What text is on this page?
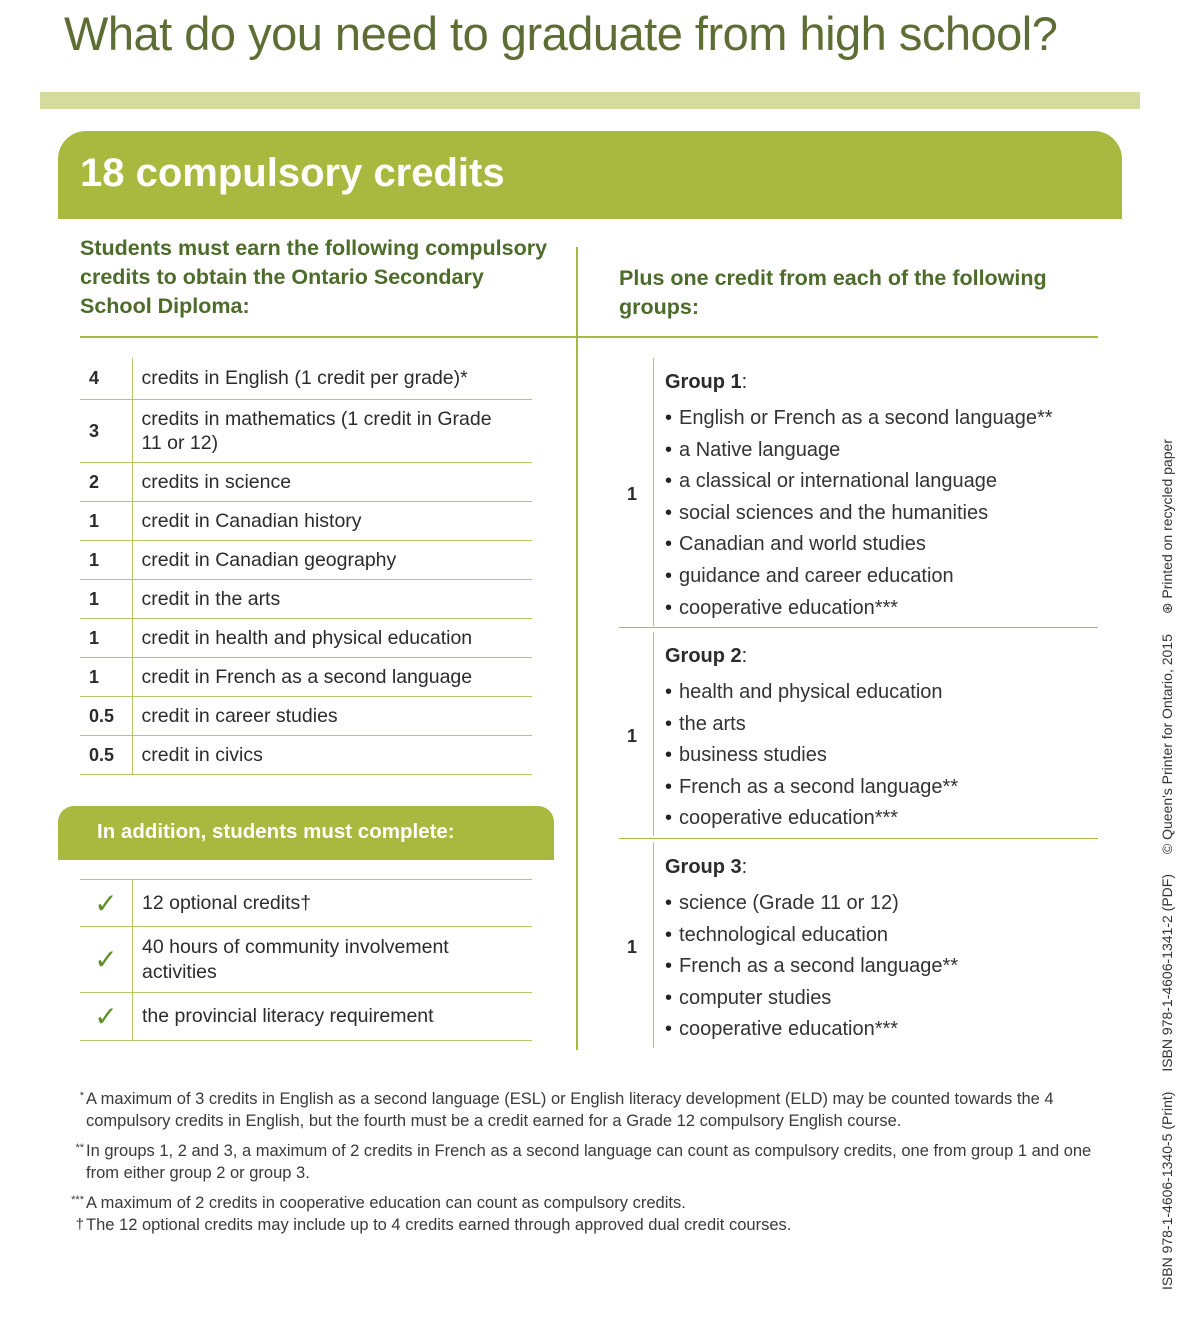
What do you need to graduate from high school?
18 compulsory credits
Students must earn the following compulsory credits to obtain the Ontario Secondary School Diploma:
Plus one credit from each of the following groups:
4	credits in English (1 credit per grade)*
3	credits in mathematics (1 credit in Grade 11 or 12)
2	credits in science
1	credit in Canadian history
1	credit in Canadian geography
1	credit in the arts
1	credit in health and physical education
1	credit in French as a second language
0.5	credit in career studies
0.5	credit in civics
In addition, students must complete:
✓	12 optional credits†
✓	40 hours of community involvement activities
✓	the provincial literacy requirement
1
Group 1:
• English or French as a second language**
• a Native language
• a classical or international language
• social sciences and the humanities
• Canadian and world studies
• guidance and career education
• cooperative education***
1
Group 2:
• health and physical education
• the arts
• business studies
• French as a second language**
• cooperative education***
1
Group 3:
• science (Grade 11 or 12)
• technological education
• French as a second language**
• computer studies
• cooperative education***
* A maximum of 3 credits in English as a second language (ESL) or English literacy development (ELD) may be counted towards the 4 compulsory credits in English, but the fourth must be a credit earned for a Grade 12 compulsory English course.
** In groups 1, 2 and 3, a maximum of 2 credits in French as a second language can count as compulsory credits, one from group 1 and one from either group 2 or group 3.
*** A maximum of 2 credits in cooperative education can count as compulsory credits.
† The 12 optional credits may include up to 4 credits earned through approved dual credit courses.	ISBN 978-1-4606-1340-5 (Print) ISBN 978-1-4606-1341-2 (PDF) © Queen's Printer for Ontario, 2015 ⊛ Printed on recycled paper
